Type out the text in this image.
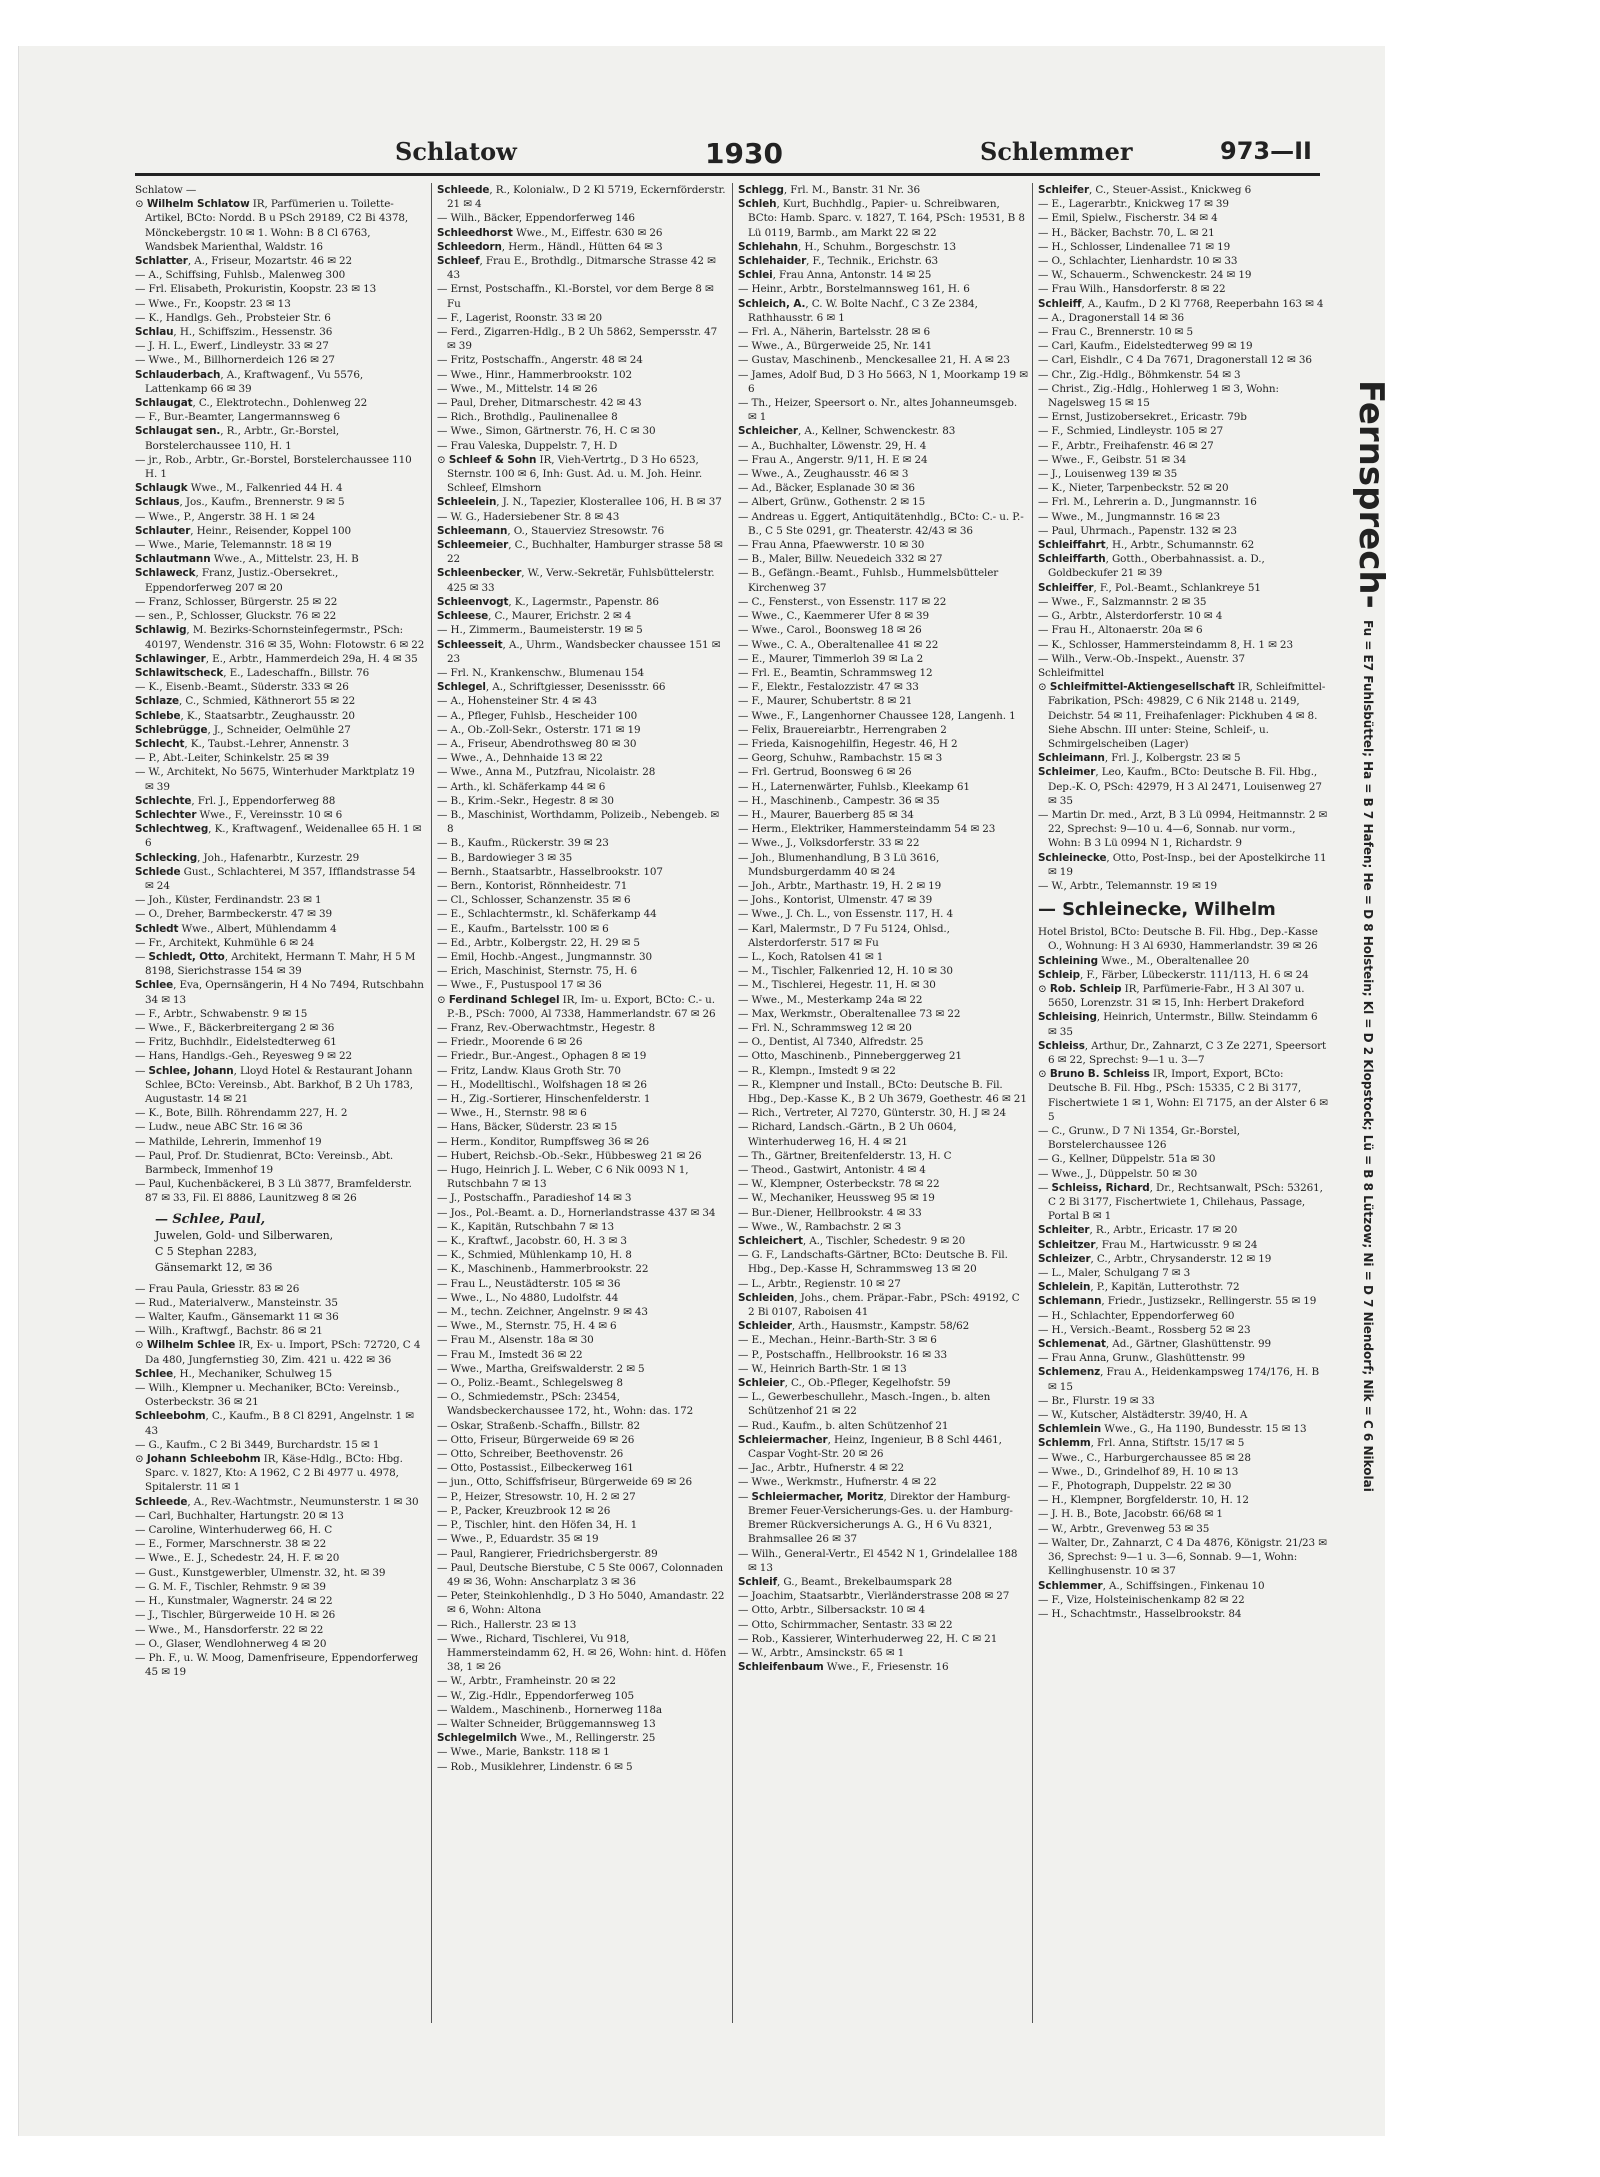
Schlatow	1930	Schlemmer	973—II
Schlatow —
⊙ Wilhelm Schlatow IR, Parfümerien u. Toilette-Artikel, BCto: Nordd. B u PSch 29189, C2 Bi 4378, Mönckebergstr. 10 ✉ 1. Wohn: B 8 Cl 6763, Wandsbek Marienthal, Waldstr. 16
Schlatter, A., Friseur, Mozartstr. 46 ✉ 22
— A., Schiffsing, Fuhlsb., Malenweg 300
— Frl. Elisabeth, Prokuristin, Koopstr. 23 ✉ 13
— Wwe., Fr., Koopstr. 23 ✉ 13
— K., Handlgs. Geh., Probsteier Str. 6
Schlau, H., Schiffszim., Hessenstr. 36
— J. H. L., Ewerf., Lindleystr. 33 ✉ 27
— Wwe., M., Billhornerdeich 126 ✉ 27
Schlauderbach, A., Kraftwagenf., Vu 5576, Lattenkamp 66 ✉ 39
Schlaugat, C., Elektrotechn., Dohlenweg 22
— F., Bur.-Beamter, Langermannsweg 6
Schlaugat sen., R., Arbtr., Gr.-Borstel, Borstelerchaussee 110, H. 1
— jr., Rob., Arbtr., Gr.-Borstel, Borstelerchaussee 110 H. 1
Schlaugk Wwe., M., Falkenried 44 H. 4
Schlaus, Jos., Kaufm., Brennerstr. 9 ✉ 5
— Wwe., P., Angerstr. 38 H. 1 ✉ 24
Schlauter, Heinr., Reisender, Koppel 100
— Wwe., Marie, Telemannstr. 18 ✉ 19
Schlautmann Wwe., A., Mittelstr. 23, H. B
Schlaweck, Franz, Justiz.-Obersekret., Eppendorferweg 207 ✉ 20
— Franz, Schlosser, Bürgerstr. 25 ✉ 22
— sen., P., Schlosser, Gluckstr. 76 ✉ 22
Schlawig, M. Bezirks-Schornsteinfegermstr., PSch: 40197, Wendenstr. 316 ✉ 35, Wohn: Flotowstr. 6 ✉ 22
Schlawinger, E., Arbtr., Hammerdeich 29a, H. 4 ✉ 35
Schlawitscheck, E., Ladeschaffn., Billstr. 76
— K., Eisenb.-Beamt., Süderstr. 333 ✉ 26
Schlaze, C., Schmied, Käthnerort 55 ✉ 22
Schlebe, K., Staatsarbtr., Zeughausstr. 20
Schlebrügge, J., Schneider, Oelmühle 27
Schlecht, K., Taubst.-Lehrer, Annenstr. 3
— P., Abt.-Leiter, Schinkelstr. 25 ✉ 39
— W., Architekt, No 5675, Winterhuder Marktplatz 19 ✉ 39
Schlechte, Frl. J., Eppendorferweg 88
Schlechter Wwe., F., Vereinsstr. 10 ✉ 6
Schlechtweg, K., Kraftwagenf., Weidenallee 65 H. 1 ✉ 6
Schlecking, Joh., Hafenarbtr., Kurzestr. 29
Schlede Gust., Schlachterei, M 357, Ifflandstrasse 54 ✉ 24
— Joh., Küster, Ferdinandstr. 23 ✉ 1
— O., Dreher, Barmbeckerstr. 47 ✉ 39
Schledt Wwe., Albert, Mühlendamm 4
— Fr., Architekt, Kuhmühle 6 ✉ 24
— Schledt, Otto, Architekt, Hermann T. Mahr, H 5 M 8198, Sierichstrasse 154 ✉ 39
Schlee, Eva, Opernsängerin, H 4 No 7494, Rutschbahn 34 ✉ 13
— F., Arbtr., Schwabenstr. 9 ✉ 15
— Wwe., F., Bäckerbreitergang 2 ✉ 36
— Fritz, Buchhdlr., Eidelstedterweg 61
— Hans, Handlgs.-Geh., Reyesweg 9 ✉ 22
— Schlee, Johann, Lloyd Hotel & Restaurant Johann Schlee, BCto: Vereinsb., Abt. Barkhof, B 2 Uh 1783, Augustastr. 14 ✉ 21
— K., Bote, Billh. Röhrendamm 227, H. 2
— Ludw., neue ABC Str. 16 ✉ 36
— Mathilde, Lehrerin, Immenhof 19
— Paul, Prof. Dr. Studienrat, BCto: Vereinsb., Abt. Barmbeck, Immenhof 19
— Paul, Kuchenbäckerei, B 3 Lü 3877, Bramfelderstr. 87 ✉ 33, Fil. El 8886, Launitzweg 8 ✉ 26
— Schlee, Paul,
Juwelen, Gold- und Silberwaren,
C 5 Stephan 2283,
Gänsemarkt 12, ✉ 36
— Frau Paula, Griesstr. 83 ✉ 26
— Rud., Materialverw., Mansteinstr. 35
— Walter, Kaufm., Gänsemarkt 11 ✉ 36
— Wilh., Kraftwgf., Bachstr. 86 ✉ 21
⊙ Wilhelm Schlee IR, Ex- u. Import, PSch: 72720, C 4 Da 480, Jungfernstieg 30, Zim. 421 u. 422 ✉ 36
Schlee, H., Mechaniker, Schulweg 15
— Wilh., Klempner u. Mechaniker, BCto: Vereinsb., Osterbeckstr. 36 ✉ 21
Schleebohm, C., Kaufm., B 8 Cl 8291, Angelnstr. 1 ✉ 43
— G., Kaufm., C 2 Bi 3449, Burchardstr. 15 ✉ 1
⊙ Johann Schleebohm IR, Käse-Hdlg., BCto: Hbg. Sparc. v. 1827, Kto: A 1962, C 2 Bi 4977 u. 4978, Spitalerstr. 11 ✉ 1
Schleede, A., Rev.-Wachtmstr., Neumunsterstr. 1 ✉ 30
— Carl, Buchhalter, Hartungstr. 20 ✉ 13
— Caroline, Winterhuderweg 66, H. C
— E., Former, Marschnerstr. 38 ✉ 22
— Wwe., E. J., Schedestr. 24, H. F. ✉ 20
— Gust., Kunstgewerbler, Ulmenstr. 32, ht. ✉ 39
— G. M. F., Tischler, Rehmstr. 9 ✉ 39
— H., Kunstmaler, Wagnerstr. 24 ✉ 22
— J., Tischler, Bürgerweide 10 H. ✉ 26
— Wwe., M., Hansdorferstr. 22 ✉ 22
— O., Glaser, Wendlohnerweg 4 ✉ 20
— Ph. F., u. W. Moog, Damenfriseure, Eppendorferweg 45 ✉ 19
Schleede, R., Kolonialw., D 2 Kl 5719, Eckernförderstr. 21 ✉ 4
— Wilh., Bäcker, Eppendorferweg 146
Schleedhorst Wwe., M., Eiffestr. 630 ✉ 26
Schleedorn, Herm., Händl., Hütten 64 ✉ 3
Schleef, Frau E., Brothdlg., Ditmarsche Strasse 42 ✉ 43
— Ernst, Postschaffn., Kl.-Borstel, vor dem Berge 8 ✉ Fu
— F., Lagerist, Roonstr. 33 ✉ 20
— Ferd., Zigarren-Hdlg., B 2 Uh 5862, Sempersstr. 47 ✉ 39
— Fritz, Postschaffn., Angerstr. 48 ✉ 24
— Wwe., Hinr., Hammerbrookstr. 102
— Wwe., M., Mittelstr. 14 ✉ 26
— Paul, Dreher, Ditmarschestr. 42 ✉ 43
— Rich., Brothdlg., Paulinenallee 8
— Wwe., Simon, Gärtnerstr. 76, H. C ✉ 30
— Frau Valeska, Duppelstr. 7, H. D
⊙ Schleef & Sohn IR, Vieh-Vertrtg., D 3 Ho 6523, Sternstr. 100 ✉ 6, Inh: Gust. Ad. u. M. Joh. Heinr. Schleef, Elmshorn
Schleelein, J. N., Tapezier, Klosterallee 106, H. B ✉ 37
— W. G., Hadersiebener Str. 8 ✉ 43
Schleemann, O., Stauerviez Stresowstr. 76
Schleemeier, C., Buchhalter, Hamburger strasse 58 ✉ 22
Schleenbecker, W., Verw.-Sekretär, Fuhlsbüttelerstr. 425 ✉ 33
Schleenvogt, K., Lagermstr., Papenstr. 86
Schleese, C., Maurer, Erichstr. 2 ✉ 4
— H., Zimmerm., Baumeisterstr. 19 ✉ 5
Schleesseit, A., Uhrm., Wandsbecker chaussee 151 ✉ 23
— Frl. N., Krankenschw., Blumenau 154
Schlegel, A., Schriftgiesser, Desenissstr. 66
— A., Hohensteiner Str. 4 ✉ 43
— A., Pfleger, Fuhlsb., Hescheider 100
— A., Ob.-Zoll-Sekr., Osterstr. 171 ✉ 19
— A., Friseur, Abendrothsweg 80 ✉ 30
— Wwe., A., Dehnhaide 13 ✉ 22
— Wwe., Anna M., Putzfrau, Nicolaistr. 28
— Arth., kl. Schäferkamp 44 ✉ 6
— B., Krim.-Sekr., Hegestr. 8 ✉ 30
— B., Maschinist, Worthdamm, Polizeib., Nebengeb. ✉ 8
— B., Kaufm., Rückerstr. 39 ✉ 23
— B., Bardowieger 3 ✉ 35
— Bernh., Staatsarbtr., Hasselbrookstr. 107
— Bern., Kontorist, Rönnheidestr. 71
— Cl., Schlosser, Schanzenstr. 35 ✉ 6
— E., Schlachtermstr., kl. Schäferkamp 44
— E., Kaufm., Bartelsstr. 100 ✉ 6
— Ed., Arbtr., Kolbergstr. 22, H. 29 ✉ 5
— Emil, Hochb.-Angest., Jungmannstr. 30
— Erich, Maschinist, Sternstr. 75, H. 6
— Wwe., F., Pustuspool 17 ✉ 36
⊙ Ferdinand Schlegel IR, Im- u. Export, BCto: C.- u. P.-B., PSch: 7000, Al 7338, Hammerlandstr. 67 ✉ 26
— Franz, Rev.-Oberwachtmstr., Hegestr. 8
— Friedr., Moorende 6 ✉ 26
— Friedr., Bur.-Angest., Ophagen 8 ✉ 19
— Fritz, Landw. Klaus Groth Str. 70
— H., Modelltischl., Wolfshagen 18 ✉ 26
— H., Zig.-Sortierer, Hinschenfelderstr. 1
— Wwe., H., Sternstr. 98 ✉ 6
— Hans, Bäcker, Süderstr. 23 ✉ 15
— Herm., Konditor, Rumpffsweg 36 ✉ 26
— Hubert, Reichsb.-Ob.-Sekr., Hübbesweg 21 ✉ 26
— Hugo, Heinrich J. L. Weber, C 6 Nik 0093 N 1, Rutschbahn 7 ✉ 13
— J., Postschaffn., Paradieshof 14 ✉ 3
— Jos., Pol.-Beamt. a. D., Hornerlandstrasse 437 ✉ 34
— K., Kapitän, Rutschbahn 7 ✉ 13
— K., Kraftwf., Jacobstr. 60, H. 3 ✉ 3
— K., Schmied, Mühlenkamp 10, H. 8
— K., Maschinenb., Hammerbrookstr. 22
— Frau L., Neustädterstr. 105 ✉ 36
— Wwe., L., No 4880, Ludolfstr. 44
— M., techn. Zeichner, Angelnstr. 9 ✉ 43
— Wwe., M., Sternstr. 75, H. 4 ✉ 6
— Frau M., Alsenstr. 18a ✉ 30
— Frau M., Imstedt 36 ✉ 22
— Wwe., Martha, Greifswalderstr. 2 ✉ 5
— O., Poliz.-Beamt., Schlegelsweg 8
— O., Schmiedemstr., PSch: 23454, Wandsbeckerchaussee 172, ht., Wohn: das. 172
— Oskar, Straßenb.-Schaffn., Billstr. 82
— Otto, Friseur, Bürgerweide 69 ✉ 26
— Otto, Schreiber, Beethovenstr. 26
— Otto, Postassist., Eilbeckerweg 161
— jun., Otto, Schiffsfriseur, Bürgerweide 69 ✉ 26
— P., Heizer, Stresowstr. 10, H. 2 ✉ 27
— P., Packer, Kreuzbrook 12 ✉ 26
— P., Tischler, hint. den Höfen 34, H. 1
— Wwe., P., Eduardstr. 35 ✉ 19
— Paul, Rangierer, Friedrichsbergerstr. 89
— Paul, Deutsche Bierstube, C 5 Ste 0067, Colonnaden 49 ✉ 36, Wohn: Anscharplatz 3 ✉ 36
— Peter, Steinkohlenhdlg., D 3 Ho 5040, Amandastr. 22 ✉ 6, Wohn: Altona
— Rich., Hallerstr. 23 ✉ 13
— Wwe., Richard, Tischlerei, Vu 918, Hammersteindamm 62, H. ✉ 26, Wohn: hint. d. Höfen 38, 1 ✉ 26
— W., Arbtr., Framheinstr. 20 ✉ 22
— W., Zig.-Hdlr., Eppendorferweg 105
— Waldem., Maschinenb., Hornerweg 118a
— Walter Schneider, Brüggemannsweg 13
Schlegelmilch Wwe., M., Rellingerstr. 25
— Wwe., Marie, Bankstr. 118 ✉ 1
— Rob., Musiklehrer, Lindenstr. 6 ✉ 5
Schlegg, Frl. M., Banstr. 31 Nr. 36
Schleh, Kurt, Buchhdlg., Papier- u. Schreibwaren, BCto: Hamb. Sparc. v. 1827, T. 164, PSch: 19531, B 8 Lü 0119, Barmb., am Markt 22 ✉ 22
Schlehahn, H., Schuhm., Borgeschstr. 13
Schlehaider, F., Technik., Erichstr. 63
Schlei, Frau Anna, Antonstr. 14 ✉ 25
— Heinr., Arbtr., Borstelmannsweg 161, H. 6
Schleich, A., C. W. Bolte Nachf., C 3 Ze 2384, Rathhausstr. 6 ✉ 1
— Frl. A., Näherin, Bartelsstr. 28 ✉ 6
— Wwe., A., Bürgerweide 25, Nr. 141
— Gustav, Maschinenb., Menckesallee 21, H. A ✉ 23
— James, Adolf Bud, D 3 Ho 5663, N 1, Moorkamp 19 ✉ 6
— Th., Heizer, Speersort o. Nr., altes Johanneumsgeb. ✉ 1
Schleicher, A., Kellner, Schwenckestr. 83
— A., Buchhalter, Löwenstr. 29, H. 4
— Frau A., Angerstr. 9/11, H. E ✉ 24
— Wwe., A., Zeughausstr. 46 ✉ 3
— Ad., Bäcker, Esplanade 30 ✉ 36
— Albert, Grünw., Gothenstr. 2 ✉ 15
— Andreas u. Eggert, Antiquitätenhdlg., BCto: C.- u. P.-B., C 5 Ste 0291, gr. Theaterstr. 42/43 ✉ 36
— Frau Anna, Pfaewwerstr. 10 ✉ 30
— B., Maler, Billw. Neuedeich 332 ✉ 27
— B., Gefängn.-Beamt., Fuhlsb., Hummelsbütteler Kirchenweg 37
— C., Fensterst., von Essenstr. 117 ✉ 22
— Wwe., C., Kaemmerer Ufer 8 ✉ 39
— Wwe., Carol., Boonsweg 18 ✉ 26
— Wwe., C. A., Oberaltenallee 41 ✉ 22
— E., Maurer, Timmerloh 39 ✉ La 2
— Frl. E., Beamtin, Schrammsweg 12
— F., Elektr., Festalozzistr. 47 ✉ 33
— F., Maurer, Schubertstr. 8 ✉ 21
— Wwe., F., Langenhorner Chaussee 128, Langenh. 1
— Felix, Brauereiarbtr., Herrengraben 2
— Frieda, Kaisnogehilfin, Hegestr. 46, H 2
— Georg, Schuhw., Rambachstr. 15 ✉ 3
— Frl. Gertrud, Boonsweg 6 ✉ 26
— H., Laternenwärter, Fuhlsb., Kleekamp 61
— H., Maschinenb., Campestr. 36 ✉ 35
— H., Maurer, Bauerberg 85 ✉ 34
— Herm., Elektriker, Hammersteindamm 54 ✉ 23
— Wwe., J., Volksdorferstr. 33 ✉ 22
— Joh., Blumenhandlung, B 3 Lü 3616, Mundsburgerdamm 40 ✉ 24
— Joh., Arbtr., Marthastr. 19, H. 2 ✉ 19
— Johs., Kontorist, Ulmenstr. 47 ✉ 39
— Wwe., J. Ch. L., von Essenstr. 117, H. 4
— Karl, Malermstr., D 7 Fu 5124, Ohlsd., Alsterdorferstr. 517 ✉ Fu
— L., Koch, Ratolsen 41 ✉ 1
— M., Tischler, Falkenried 12, H. 10 ✉ 30
— M., Tischlerei, Hegestr. 11, H. ✉ 30
— Wwe., M., Mesterkamp 24a ✉ 22
— Max, Werkmstr., Oberaltenallee 73 ✉ 22
— Frl. N., Schrammsweg 12 ✉ 20
— O., Dentist, Al 7340, Alfredstr. 25
— Otto, Maschinenb., Pinneberggerweg 21
— R., Klempn., Imstedt 9 ✉ 22
— R., Klempner und Install., BCto: Deutsche B. Fil. Hbg., Dep.-Kasse K., B 2 Uh 3679, Goethestr. 46 ✉ 21
— Rich., Vertreter, Al 7270, Günterstr. 30, H. J ✉ 24
— Richard, Landsch.-Gärtn., B 2 Uh 0604, Winterhuderweg 16, H. 4 ✉ 21
— Th., Gärtner, Breitenfelderstr. 13, H. C
— Theod., Gastwirt, Antonistr. 4 ✉ 4
— W., Klempner, Osterbeckstr. 78 ✉ 22
— W., Mechaniker, Heussweg 95 ✉ 19
— Bur.-Diener, Hellbrookstr. 4 ✉ 33
— Wwe., W., Rambachstr. 2 ✉ 3
Schleichert, A., Tischler, Schedestr. 9 ✉ 20
— G. F., Landschafts-Gärtner, BCto: Deutsche B. Fil. Hbg., Dep.-Kasse H, Schrammsweg 13 ✉ 20
— L., Arbtr., Regienstr. 10 ✉ 27
Schleiden, Johs., chem. Präpar.-Fabr., PSch: 49192, C 2 Bi 0107, Raboisen 41
Schleider, Arth., Hausmstr., Kampstr. 58/62
— E., Mechan., Heinr.-Barth-Str. 3 ✉ 6
— P., Postschaffn., Hellbrookstr. 16 ✉ 33
— W., Heinrich Barth-Str. 1 ✉ 13
Schleier, C., Ob.-Pfleger, Kegelhofstr. 59
— L., Gewerbeschullehr., Masch.-Ingen., b. alten Schützenhof 21 ✉ 22
— Rud., Kaufm., b. alten Schützenhof 21
Schleiermacher, Heinz, Ingenieur, B 8 Schl 4461, Caspar Voght-Str. 20 ✉ 26
— Jac., Arbtr., Hufnerstr. 4 ✉ 22
— Wwe., Werkmstr., Hufnerstr. 4 ✉ 22
— Schleiermacher, Moritz, Direktor der Hamburg-Bremer Feuer-Versicherungs-Ges. u. der Hamburg-Bremer Rückversicherungs A. G., H 6 Vu 8321, Brahmsallee 26 ✉ 37
— Wilh., General-Vertr., El 4542 N 1, Grindelallee 188 ✉ 13
Schleif, G., Beamt., Brekelbaumspark 28
— Joachim, Staatsarbtr., Vierländerstrasse 208 ✉ 27
— Otto, Arbtr., Silbersackstr. 10 ✉ 4
— Otto, Schirmmacher, Sentastr. 33 ✉ 22
— Rob., Kassierer, Winterhuderweg 22, H. C ✉ 21
— W., Arbtr., Amsinckstr. 65 ✉ 1
Schleifenbaum Wwe., F., Friesenstr. 16
Schleifer, C., Steuer-Assist., Knickweg 6
— E., Lagerarbtr., Knickweg 17 ✉ 39
— Emil, Spielw., Fischerstr. 34 ✉ 4
— H., Bäcker, Bachstr. 70, L. ✉ 21
— H., Schlosser, Lindenallee 71 ✉ 19
— O., Schlachter, Lienhardstr. 10 ✉ 33
— W., Schauerm., Schwenckestr. 24 ✉ 19
— Frau Wilh., Hansdorferstr. 8 ✉ 22
Schleiff, A., Kaufm., D 2 Kl 7768, Reeperbahn 163 ✉ 4
— A., Dragonerstall 14 ✉ 36
— Frau C., Brennerstr. 10 ✉ 5
— Carl, Kaufm., Eidelstedterweg 99 ✉ 19
— Carl, Eishdlr., C 4 Da 7671, Dragonerstall 12 ✉ 36
— Chr., Zig.-Hdlg., Böhmkenstr. 54 ✉ 3
— Christ., Zig.-Hdlg., Hohlerweg 1 ✉ 3, Wohn: Nagelsweg 15 ✉ 15
— Ernst, Justizobersekret., Ericastr. 79b
— F., Schmied, Lindleystr. 105 ✉ 27
— F., Arbtr., Freihafenstr. 46 ✉ 27
— Wwe., F., Geibstr. 51 ✉ 34
— J., Louisenweg 139 ✉ 35
— K., Nieter, Tarpenbeckstr. 52 ✉ 20
— Frl. M., Lehrerin a. D., Jungmannstr. 16
— Wwe., M., Jungmannstr. 16 ✉ 23
— Paul, Uhrmach., Papenstr. 132 ✉ 23
Schleiffahrt, H., Arbtr., Schumannstr. 62
Schleiffarth, Gotth., Oberbahnassist. a. D., Goldbeckufer 21 ✉ 39
Schleiffer, F., Pol.-Beamt., Schlankreye 51
— Wwe., F., Salzmannstr. 2 ✉ 35
— G., Arbtr., Alsterdorferstr. 10 ✉ 4
— Frau H., Altonaerstr. 20a ✉ 6
— K., Schlosser, Hammersteindamm 8, H. 1 ✉ 23
— Wilh., Verw.-Ob.-Inspekt., Auenstr. 37
Schleifmittel
⊙ Schleifmittel-Aktiengesellschaft IR, Schleifmittel-Fabrikation, PSch: 49829, C 6 Nik 2148 u. 2149, Deichstr. 54 ✉ 11, Freihafenlager: Pickhuben 4 ✉ 8. Siehe Abschn. III unter: Steine, Schleif-, u. Schmirgelscheiben (Lager)
Schleimann, Frl. J., Kolbergstr. 23 ✉ 5
Schleimer, Leo, Kaufm., BCto: Deutsche B. Fil. Hbg., Dep.-K. O, PSch: 42979, H 3 Al 2471, Louisenweg 27 ✉ 35
— Martin Dr. med., Arzt, B 3 Lü 0994, Heitmannstr. 2 ✉ 22, Sprechst: 9—10 u. 4—6, Sonnab. nur vorm., Wohn: B 3 Lü 0994 N 1, Richardstr. 9
Schleinecke, Otto, Post-Insp., bei der Apostelkirche 11 ✉ 19
— W., Arbtr., Telemannstr. 19 ✉ 19
— Schleinecke, Wilhelm
Hotel Bristol, BCto: Deutsche B. Fil. Hbg., Dep.-Kasse O., Wohnung: H 3 Al 6930, Hammerlandstr. 39 ✉ 26
Schleining Wwe., M., Oberaltenallee 20
Schleip, F., Färber, Lübeckerstr. 111/113, H. 6 ✉ 24
⊙ Rob. Schleip IR, Parfümerie-Fabr., H 3 Al 307 u. 5650, Lorenzstr. 31 ✉ 15, Inh: Herbert Drakeford
Schleising, Heinrich, Untermstr., Billw. Steindamm 6 ✉ 35
Schleiss, Arthur, Dr., Zahnarzt, C 3 Ze 2271, Speersort 6 ✉ 22, Sprechst: 9—1 u. 3—7
⊙ Bruno B. Schleiss IR, Import, Export, BCto: Deutsche B. Fil. Hbg., PSch: 15335, C 2 Bi 3177, Fischertwiete 1 ✉ 1, Wohn: El 7175, an der Alster 6 ✉ 5
— C., Grunw., D 7 Ni 1354, Gr.-Borstel, Borstelerchaussee 126
— G., Kellner, Düppelstr. 51a ✉ 30
— Wwe., J., Düppelstr. 50 ✉ 30
— Schleiss, Richard, Dr., Rechtsanwalt, PSch: 53261, C 2 Bi 3177, Fischertwiete 1, Chilehaus, Passage, Portal B ✉ 1
Schleiter, R., Arbtr., Ericastr. 17 ✉ 20
Schleitzer, Frau M., Hartwicusstr. 9 ✉ 24
Schleizer, C., Arbtr., Chrysanderstr. 12 ✉ 19
— L., Maler, Schulgang 7 ✉ 3
Schlelein, P., Kapitän, Lutterothstr. 72
Schlemann, Friedr., Justizsekr., Rellingerstr. 55 ✉ 19
— H., Schlachter, Eppendorferweg 60
— H., Versich.-Beamt., Rossberg 52 ✉ 23
Schlemenat, Ad., Gärtner, Glashüttenstr. 99
— Frau Anna, Grunw., Glashüttenstr. 99
Schlemenz, Frau A., Heidenkampsweg 174/176, H. B ✉ 15
— Br., Flurstr. 19 ✉ 33
— W., Kutscher, Alstädterstr. 39/40, H. A
Schlemlein Wwe., G., Ha 1190, Bundesstr. 15 ✉ 13
Schlemm, Frl. Anna, Stiftstr. 15/17 ✉ 5
— Wwe., C., Harburgerchaussee 85 ✉ 28
— Wwe., D., Grindelhof 89, H. 10 ✉ 13
— F., Photograph, Duppelstr. 22 ✉ 30
— H., Klempner, Borgfelderstr. 10, H. 12
— J. H. B., Bote, Jacobstr. 66/68 ✉ 1
— W., Arbtr., Grevenweg 53 ✉ 35
— Walter, Dr., Zahnarzt, C 4 Da 4876, Königstr. 21/23 ✉ 36, Sprechst: 9—1 u. 3—6, Sonnab. 9—1, Wohn: Kellinghusenstr. 10 ✉ 37
Schlemmer, A., Schiffsingen., Finkenau 10
— F., Vize, Holsteinischenkamp 82 ✉ 22
— H., Schachtmstr., Hasselbrookstr. 84
Fernsprech-
Fu = E7 Fuhlsbüttel; Ha = B 7 Hafen; He = D 8 Holstein; Kl = D 2 Klopstock; Lü = B 8 Lützow; Ni = D 7 Niendorf; Nik = C 6 Nikolai
